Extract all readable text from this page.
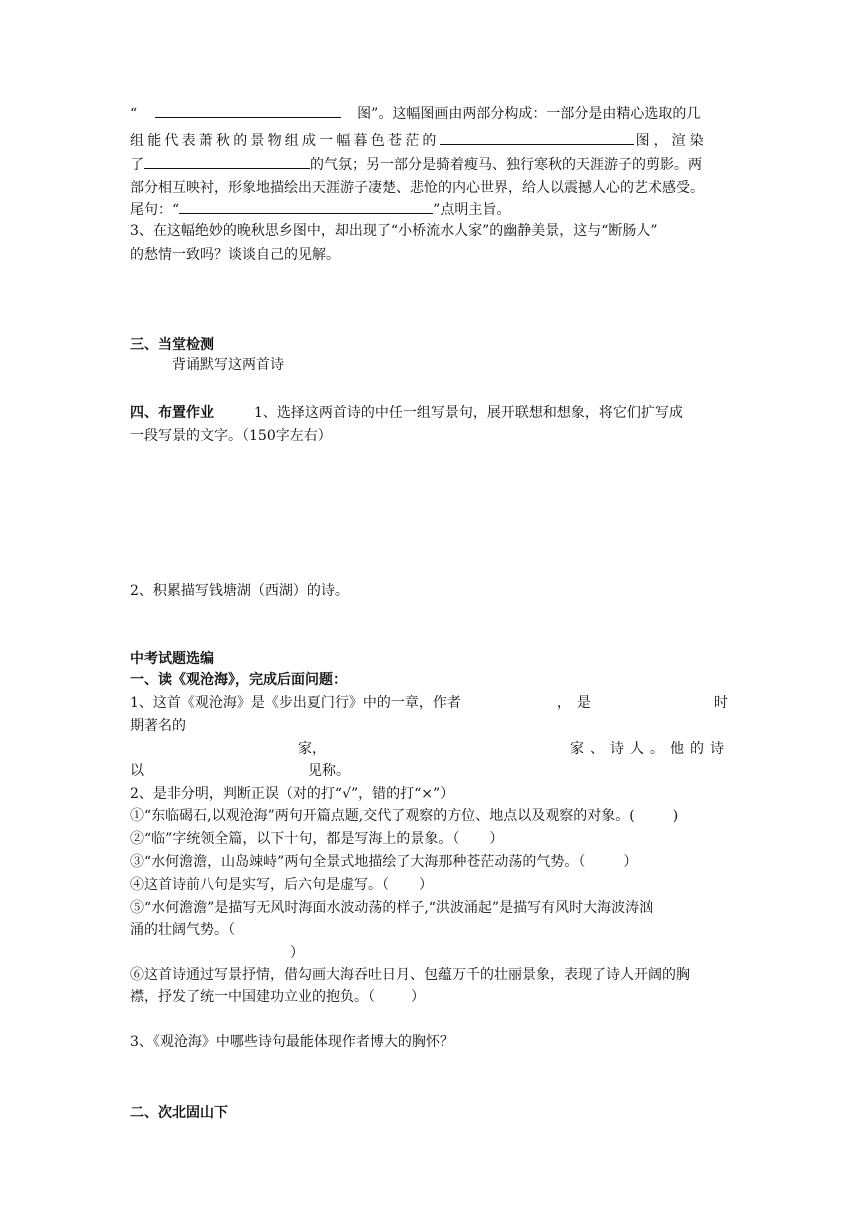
“	图”。这幅图画由两部分构成：一部分是由精心选取的几
组能代表萧秋的景物组成一幅暮色苍茫的	图，渲染
了	的气氛；另一部分是骑着瘦马、独行寒秋的天涯游子的剪影。两
部分相互映衬，形象地描绘出天涯游子凄楚、悲怆的内心世界，给人以震撼人心的艺术感受。
尾句：“	”点明主旨。
3、在这幅绝妙的晚秋思乡图中，却出现了“小桥流水人家”的幽静美景，这与“断肠人”
的愁情一致吗？谈谈自己的见解。
三、当堂检测
背诵默写这两首诗
四、布置作业	1、选择这两首诗的中任一组写景句，展开联想和想象，将它们扩写成
一段写景的文字。（150字左右）
2、积累描写钱塘湖（西湖）的诗。
中考试题选编
一、读《观沧海》，完成后面问题：
1、这首《观沧海》是《步出夏门行》中的一章，作者	，是	时
期著名的
家，	家、诗人。他的诗
以	见称。
2、是非分明，判断正误（对的打“√”，错的打“×”）
①“东临碣石,以观沧海”两句开篇点题,交代了观察的方位、地点以及观察的对象。(	)
②“临”字统领全篇，以下十句，都是写海上的景象。（ ）
③“水何澹澹，山岛竦峙”两句全景式地描绘了大海那种苍茫动荡的气势。（	）
④这首诗前八句是实写，后六句是虚写。（ ）
⑤“水何澹澹”是描写无风时海面水波动荡的样子,“洪波涌起”是描写有风时大海波涛汹
涌的壮阔气势。（
）
⑥这首诗通过写景抒情，借勾画大海吞吐日月、包蕴万千的壮丽景象，表现了诗人开阔的胸
襟，抒发了统一中国建功立业的抱负。（	）
3、《观沧海》中哪些诗句最能体现作者博大的胸怀？
二、次北固山下
